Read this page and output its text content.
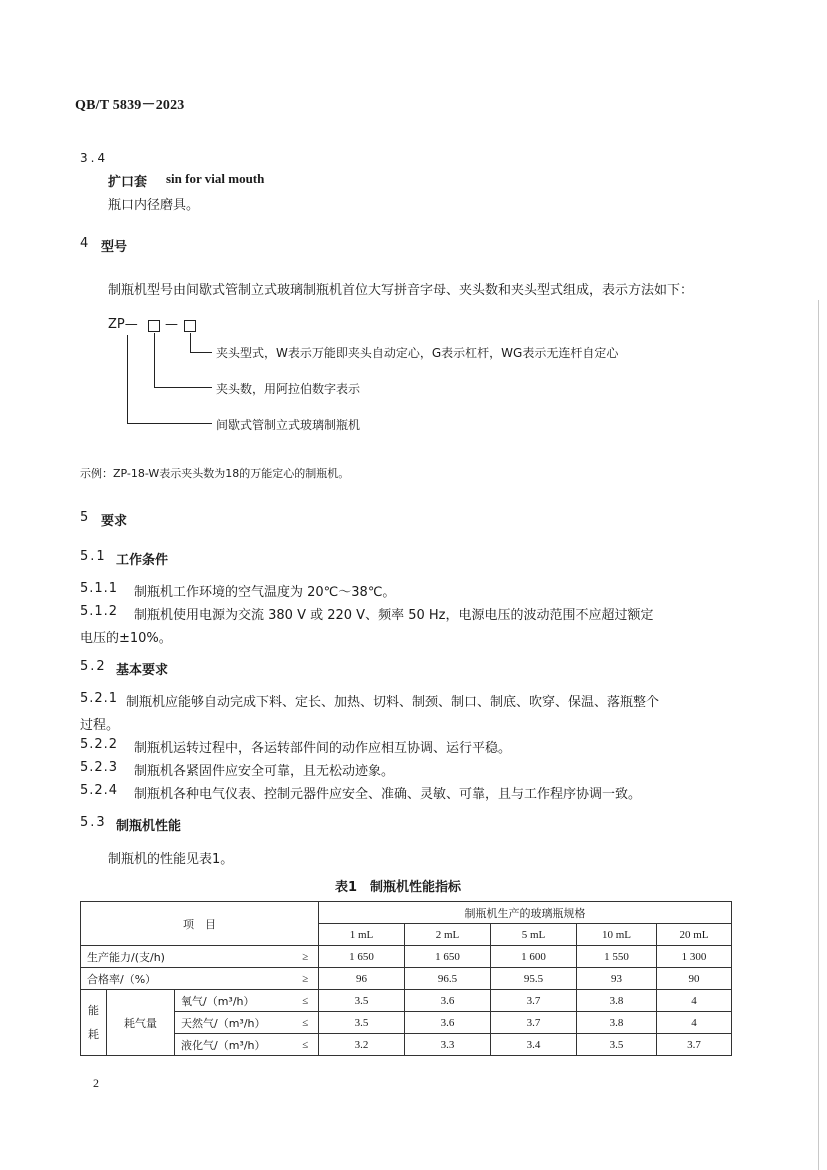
QB/T 5839－2023
3.4
扩口套 sin for vial mouth
瓶口内径磨具。
4 型号
制瓶机型号由间歇式管制立式玻璃制瓶机首位大写拼音字母、夹头数和夹头型式组成，表示方法如下：
ZP— —
夹头型式，W表示万能即夹头自动定心，G表示杠杆，WG表示无连杆自定心
夹头数，用阿拉伯数字表示
间歇式管制立式玻璃制瓶机
示例：ZP-18-W表示夹头数为18的万能定心的制瓶机。
5 要求
5.1 工作条件
5.1.1 制瓶机工作环境的空气温度为 20℃～38℃。
5.1.2 制瓶机使用电源为交流 380 V 或 220 V、频率 50 Hz，电源电压的波动范围不应超过额定
电压的±10%。
5.2 基本要求
5.2.1 制瓶机应能够自动完成下料、定长、加热、切料、制颈、制口、制底、吹穿、保温、落瓶整个
过程。
5.2.2 制瓶机运转过程中，各运转部件间的动作应相互协调、运行平稳。
5.2.3 制瓶机各紧固件应安全可靠，且无松动迹象。
5.2.4 制瓶机各种电气仪表、控制元器件应安全、准确、灵敏、可靠，且与工作程序协调一致。
5.3 制瓶机性能
制瓶机的性能见表1。
表1　制瓶机性能指标
项　目				制瓶机生产的玻璃瓶规格				
				1 mL	2 mL	5 mL	10 mL	20 mL
生产能力/(支/h)			≥	1 650	1 650	1 600	1 550	1 300
合格率/（%）			≥	96	96.5	95.5	93	90
能
耗	耗气量	氧气/（m³/h）	≤	3.5	3.6	3.7	3.8	4
		天然气/（m³/h）	≤	3.5	3.6	3.7	3.8	4
		液化气/（m³/h）	≤	3.2	3.3	3.4	3.5	3.7
2
